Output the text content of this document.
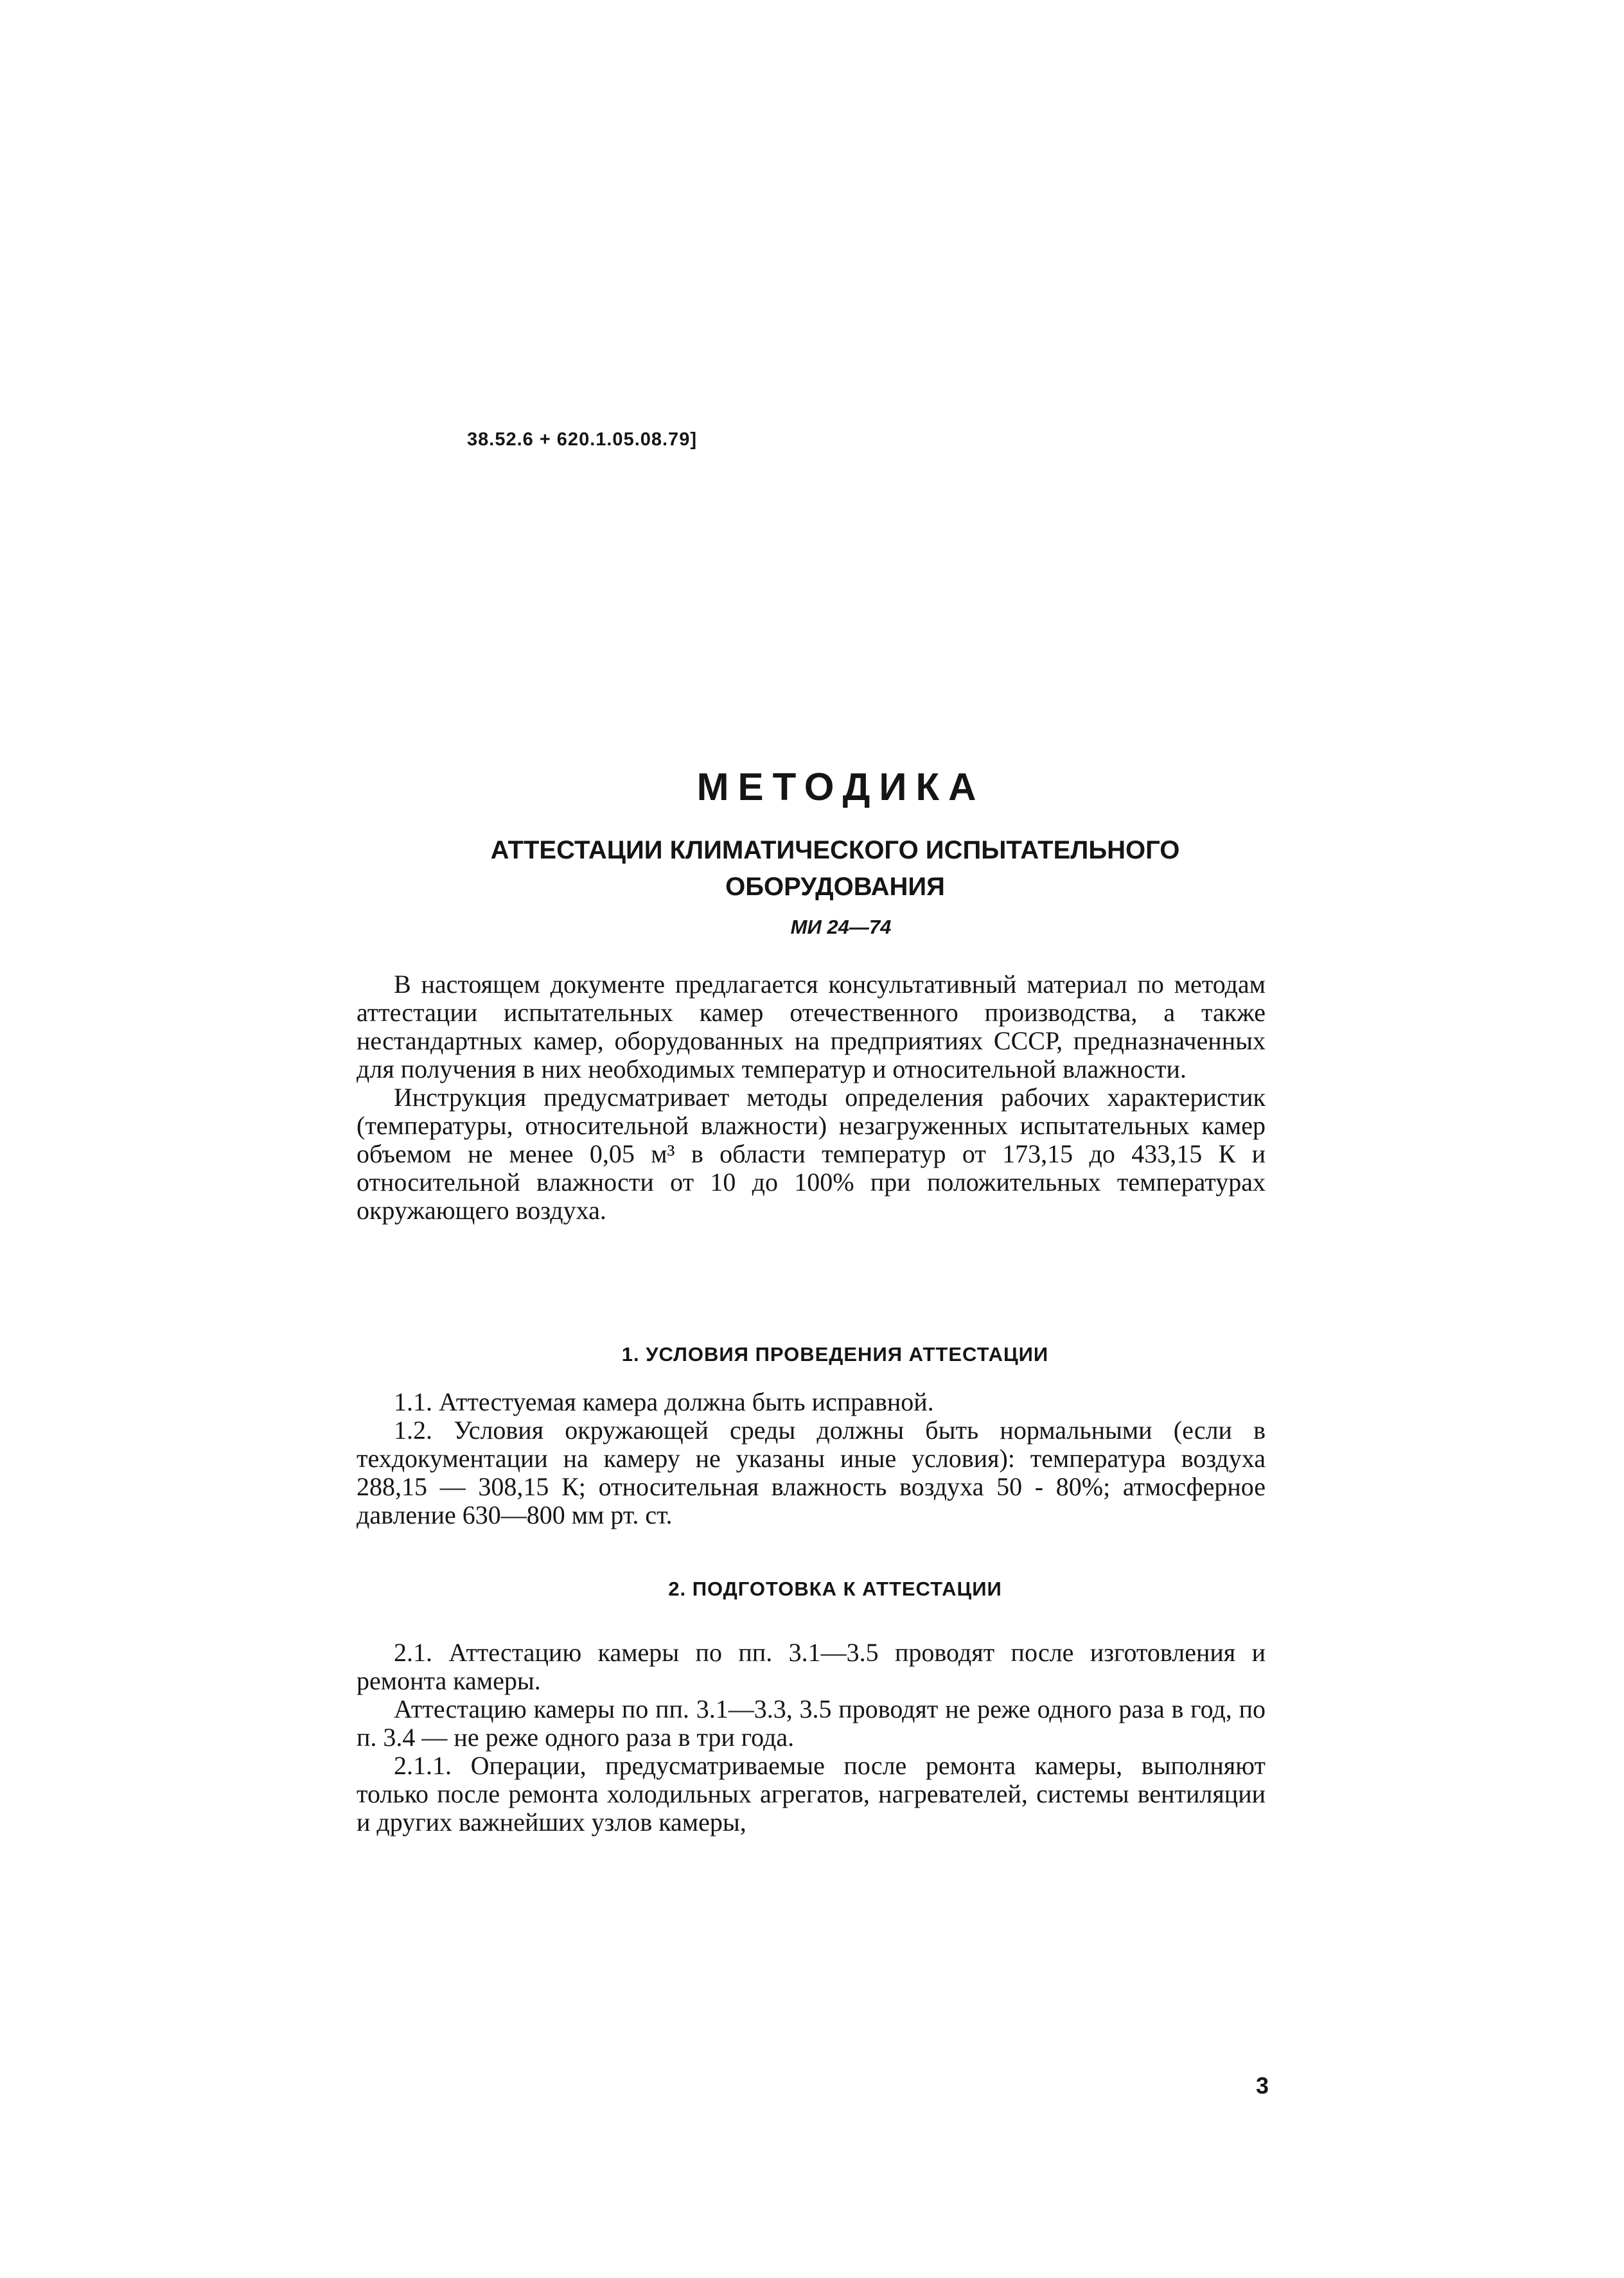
38.52.6 + 620.1.05.08.79]
МЕТОДИКА
АТТЕСТАЦИИ КЛИМАТИЧЕСКОГО ИСПЫТАТЕЛЬНОГО
ОБОРУДОВАНИЯ
МИ 24—74

В настоящем документе предлагается консультативный материал по методам аттестации испытательных камер отечественного производства, а также нестандартных камер, оборудованных на предприятиях СССР, предназначенных для получения в них необходимых температур и относительной влажности.

Инструкция предусматривает методы определения рабочих характеристик (температуры, относительной влажности) незагруженных испытательных камер объемом не менее 0,05 м³ в области температур от 173,15 до 433,15 К и относительной влажности от 10 до 100% при положительных температурах окружающего воздуха.

1. УСЛОВИЯ ПРОВЕДЕНИЯ АТТЕСТАЦИИ

1.1. Аттестуемая камера должна быть исправной.

1.2. Условия окружающей среды должны быть нормальными (если в техдокументации на камеру не указаны иные условия): температура воздуха 288,15 — 308,15 К; относительная влажность воздуха 50 - 80%; атмосферное давление 630—800 мм рт. ст.

2. ПОДГОТОВКА К АТТЕСТАЦИИ

2.1. Аттестацию камеры по пп. 3.1—3.5 проводят после изготовления и ремонта камеры.

Аттестацию камеры по пп. 3.1—3.3, 3.5 проводят не реже одного раза в год, по п. 3.4 — не реже одного раза в три года.

2.1.1. Операции, предусматриваемые после ремонта камеры, выполняют только после ремонта холодильных агрегатов, нагревателей, системы вентиляции и других важнейших узлов камеры,

3
